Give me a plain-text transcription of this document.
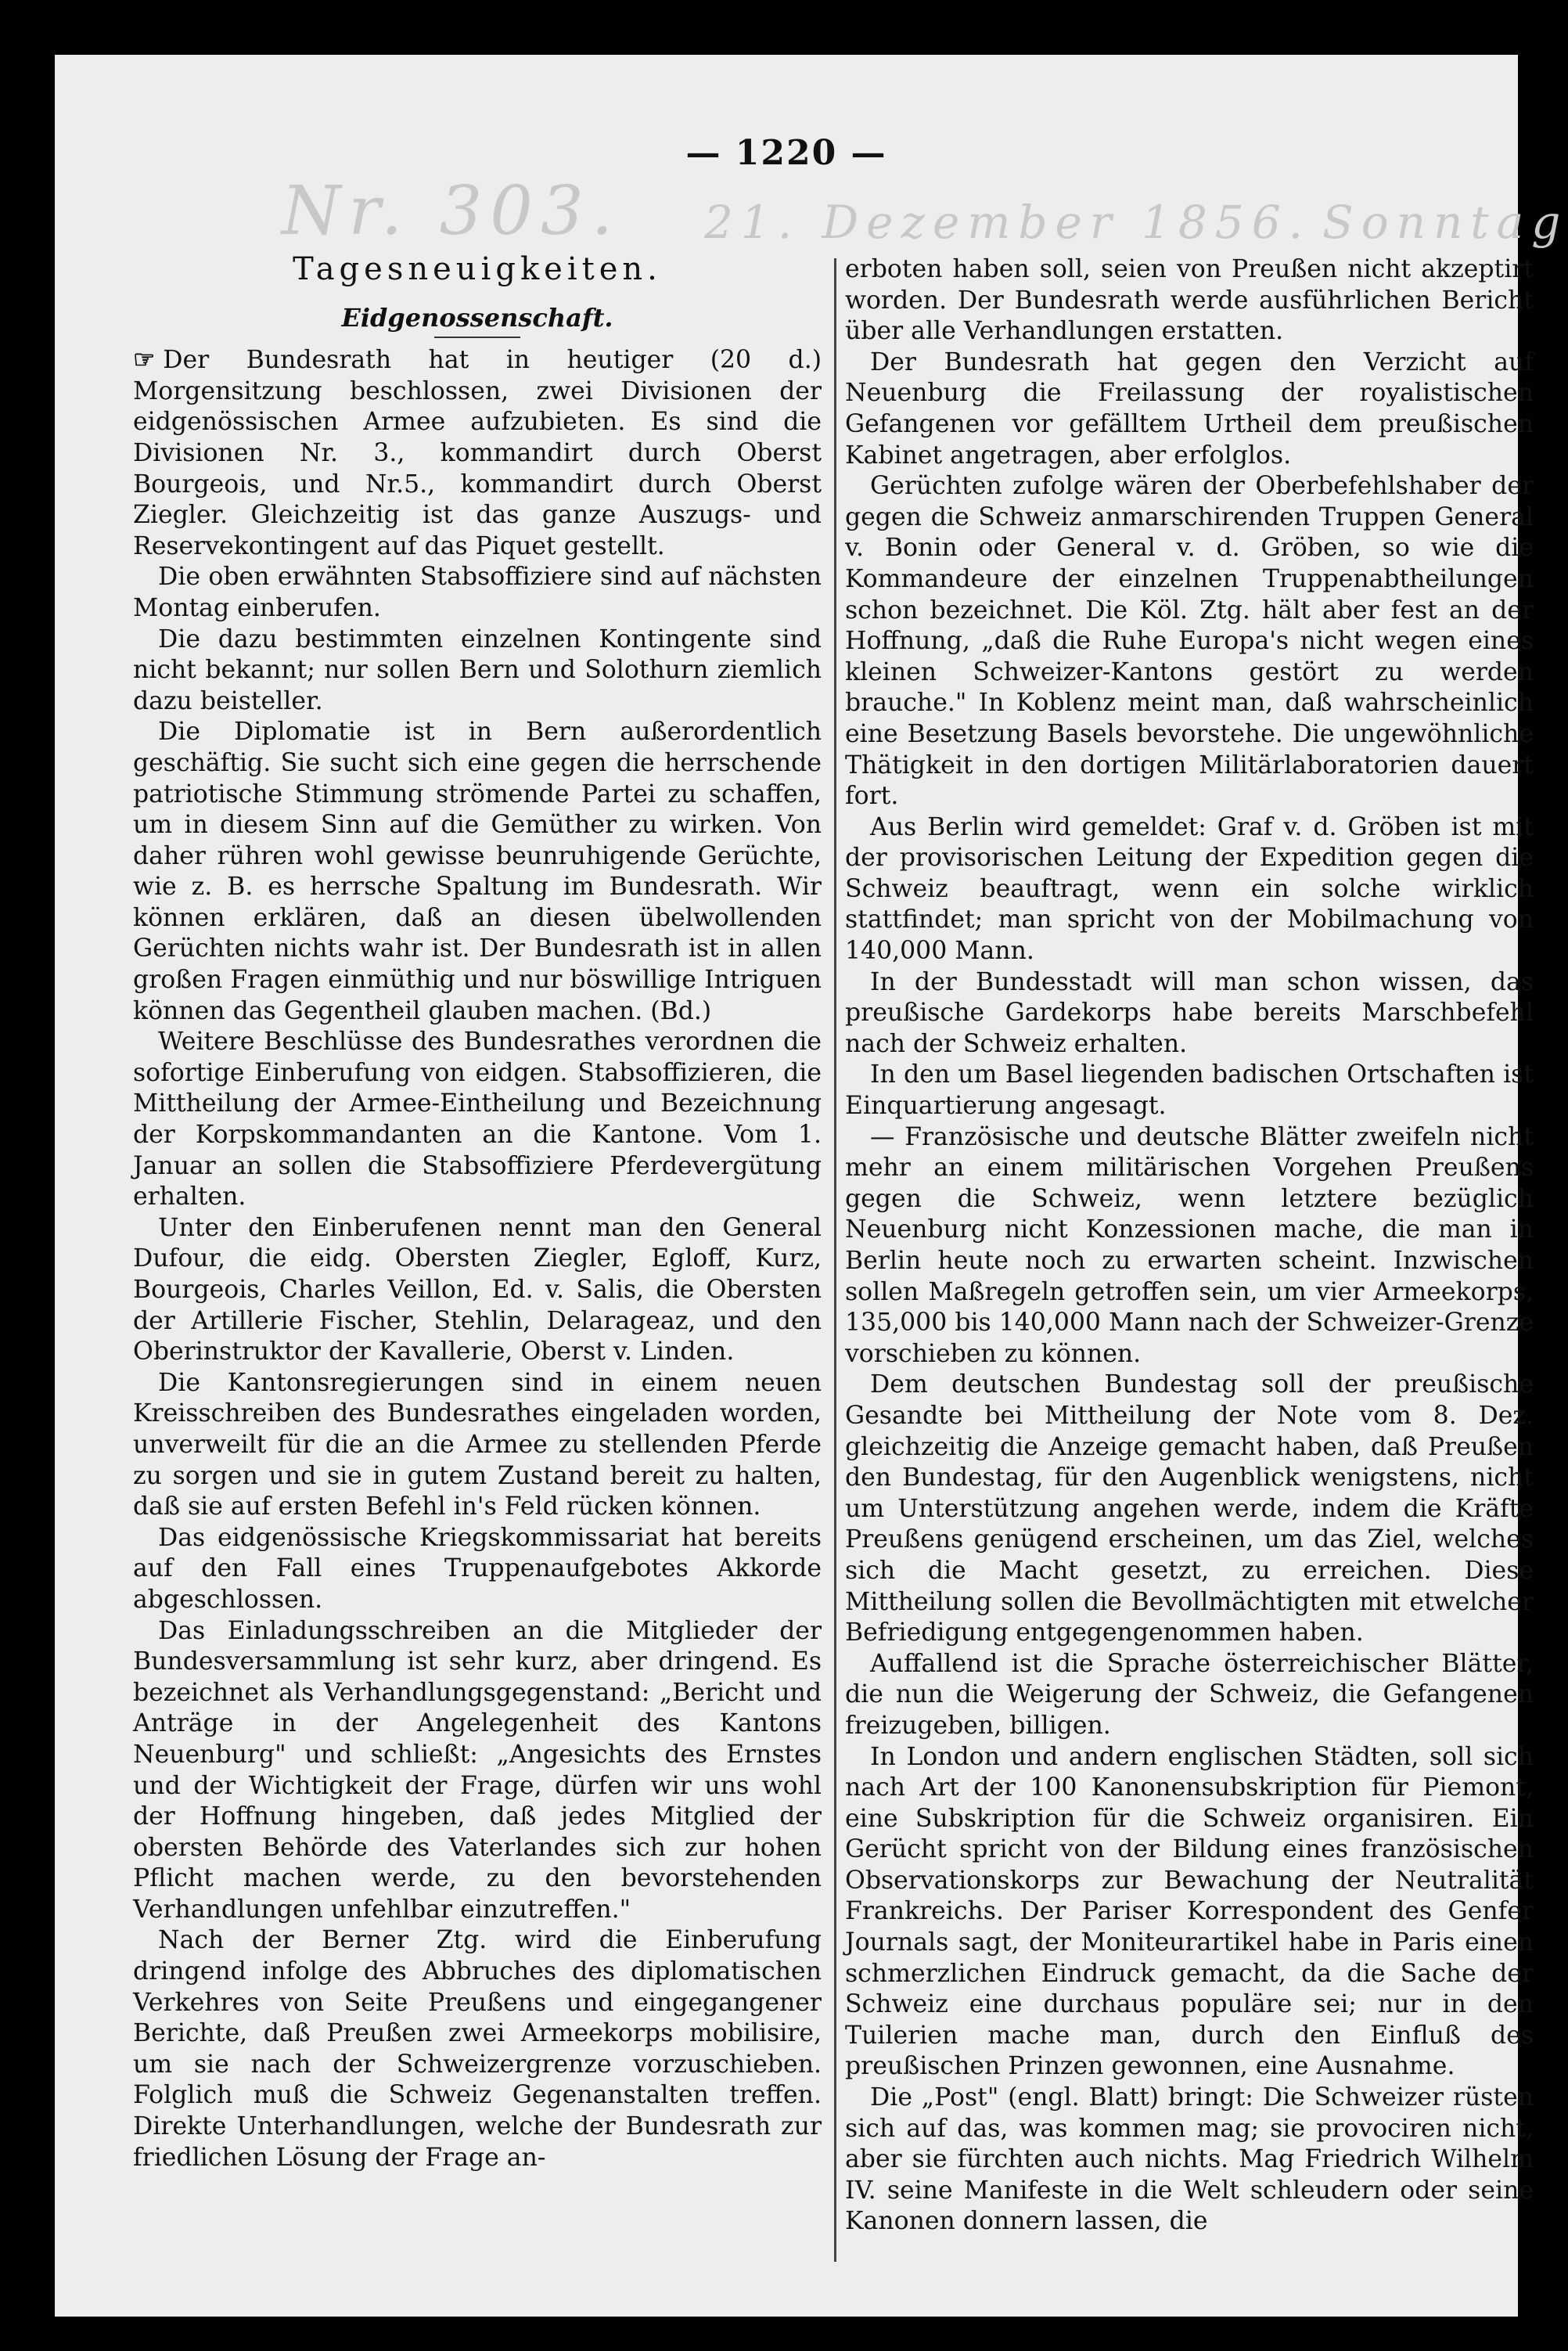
Nr. 303. 21. Dezember 1856. Sonntag
— 1220 —
Tagesneuigkeiten.
Eidgenossenschaft.

☞ Der Bundesrath hat in heutiger (20 d.) Morgensitzung beschlossen, zwei Divisionen der eidgenössischen Armee aufzubieten. Es sind die Divisionen Nr. 3., kommandirt durch Oberst Bourgeois, und Nr.5., kommandirt durch Oberst Ziegler. Gleichzeitig ist das ganze Auszugs- und Reservekontingent auf das Piquet gestellt.

Die oben erwähnten Stabsoffiziere sind auf nächsten Montag einberufen.

Die dazu bestimmten einzelnen Kontingente sind nicht bekannt; nur sollen Bern und Solothurn ziemlich dazu beisteller.

Die Diplomatie ist in Bern außerordentlich geschäftig. Sie sucht sich eine gegen die herrschende patriotische Stimmung strömende Partei zu schaffen, um in diesem Sinn auf die Gemüther zu wirken. Von daher rühren wohl gewisse beunruhigende Gerüchte, wie z. B. es herrsche Spaltung im Bundesrath. Wir können erklären, daß an diesen übelwollenden Gerüchten nichts wahr ist. Der Bundesrath ist in allen großen Fragen einmüthig und nur böswillige Intriguen können das Gegentheil glauben machen. (Bd.)

Weitere Beschlüsse des Bundesrathes verordnen die sofortige Einberufung von eidgen. Stabsoffizieren, die Mittheilung der Armee-Eintheilung und Bezeichnung der Korpskommandanten an die Kantone. Vom 1. Januar an sollen die Stabsoffiziere Pferdevergütung erhalten.

Unter den Einberufenen nennt man den General Dufour, die eidg. Obersten Ziegler, Egloff, Kurz, Bourgeois, Charles Veillon, Ed. v. Salis, die Obersten der Artillerie Fischer, Stehlin, Delarageaz, und den Oberinstruktor der Kavallerie, Oberst v. Linden.

Die Kantonsregierungen sind in einem neuen Kreisschreiben des Bundesrathes eingeladen worden, unverweilt für die an die Armee zu stellenden Pferde zu sorgen und sie in gutem Zustand bereit zu halten, daß sie auf ersten Befehl in's Feld rücken können.

Das eidgenössische Kriegskommissariat hat bereits auf den Fall eines Truppenaufgebotes Akkorde abgeschlossen.

Das Einladungsschreiben an die Mitglieder der Bundesversammlung ist sehr kurz, aber dringend. Es bezeichnet als Verhandlungsgegenstand: „Bericht und Anträge in der Angelegenheit des Kantons Neuenburg" und schließt: „Angesichts des Ernstes und der Wichtigkeit der Frage, dürfen wir uns wohl der Hoffnung hingeben, daß jedes Mitglied der obersten Behörde des Vaterlandes sich zur hohen Pflicht machen werde, zu den bevorstehenden Verhandlungen unfehlbar einzutreffen."

Nach der Berner Ztg. wird die Einberufung dringend infolge des Abbruches des diplomatischen Verkehres von Seite Preußens und eingegangener Berichte, daß Preußen zwei Armeekorps mobilisire, um sie nach der Schweizergrenze vorzuschieben. Folglich muß die Schweiz Gegenanstalten treffen. Direkte Unterhandlungen, welche der Bundesrath zur friedlichen Lösung der Frage an-

erboten haben soll, seien von Preußen nicht akzeptirt worden. Der Bundesrath werde ausführlichen Bericht über alle Verhandlungen erstatten.

Der Bundesrath hat gegen den Verzicht auf Neuenburg die Freilassung der royalistischen Gefangenen vor gefälltem Urtheil dem preußischen Kabinet angetragen, aber erfolglos.

Gerüchten zufolge wären der Oberbefehlshaber der gegen die Schweiz anmarschirenden Truppen General v. Bonin oder General v. d. Gröben, so wie die Kommandeure der einzelnen Truppenabtheilungen schon bezeichnet. Die Köl. Ztg. hält aber fest an der Hoffnung, „daß die Ruhe Europa's nicht wegen eines kleinen Schweizer-Kantons gestört zu werden brauche." In Koblenz meint man, daß wahrscheinlich eine Besetzung Basels bevorstehe. Die ungewöhnliche Thätigkeit in den dortigen Militärlaboratorien dauert fort.

Aus Berlin wird gemeldet: Graf v. d. Gröben ist mit der provisorischen Leitung der Expedition gegen die Schweiz beauftragt, wenn ein solche wirklich stattfindet; man spricht von der Mobilmachung von 140,000 Mann.

In der Bundesstadt will man schon wissen, das preußische Gardekorps habe bereits Marschbefehl nach der Schweiz erhalten.

In den um Basel liegenden badischen Ortschaften ist Einquartierung angesagt.

— Französische und deutsche Blätter zweifeln nicht mehr an einem militärischen Vorgehen Preußens gegen die Schweiz, wenn letztere bezüglich Neuenburg nicht Konzessionen mache, die man in Berlin heute noch zu erwarten scheint. Inzwischen sollen Maßregeln getroffen sein, um vier Armeekorps, 135,000 bis 140,000 Mann nach der Schweizer-Grenze vorschieben zu können.

Dem deutschen Bundestag soll der preußische Gesandte bei Mittheilung der Note vom 8. Dez. gleichzeitig die Anzeige gemacht haben, daß Preußen den Bundestag, für den Augenblick wenigstens, nicht um Unterstützung angehen werde, indem die Kräfte Preußens genügend erscheinen, um das Ziel, welches sich die Macht gesetzt, zu erreichen. Diese Mittheilung sollen die Bevollmächtigten mit etwelcher Befriedigung entgegengenommen haben.

Auffallend ist die Sprache österreichischer Blätter, die nun die Weigerung der Schweiz, die Gefangenen freizugeben, billigen.

In London und andern englischen Städten, soll sich nach Art der 100 Kanonensubskription für Piemont, eine Subskription für die Schweiz organisiren. Ein Gerücht spricht von der Bildung eines französischen Observationskorps zur Bewachung der Neutralität Frankreichs. Der Pariser Korrespondent des Genfer Journals sagt, der Moniteurartikel habe in Paris einen schmerzlichen Eindruck gemacht, da die Sache der Schweiz eine durchaus populäre sei; nur in den Tuilerien mache man, durch den Einfluß des preußischen Prinzen gewonnen, eine Ausnahme.

Die „Post" (engl. Blatt) bringt: Die Schweizer rüsten sich auf das, was kommen mag; sie provociren nicht, aber sie fürchten auch nichts. Mag Friedrich Wilhelm IV. seine Manifeste in die Welt schleudern oder seine Kanonen donnern lassen, die
